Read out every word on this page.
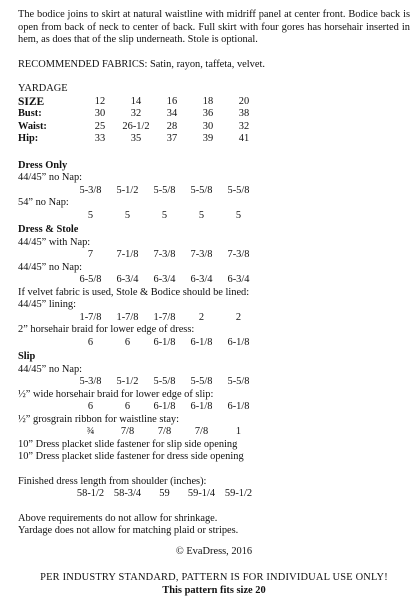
The bodice joins to skirt at natural waistline with midriff panel at center front. Bodice back is open from back of neck to center of back. Full skirt with four gores has horsehair inserted in hem, as does that of the slip underneath. Stole is optional.

RECOMMENDED FABRICS: Satin, rayon, taffeta, velvet.

YARDAGE

SIZE	12	14	16	18	20
Bust:	30	32	34	36	38
Waist:	25	26-1/2	28	30	32
Hip:	33	35	37	39	41

Dress Only

44/45” no Nap:

5-3/8	5-1/2	5-5/8	5-5/8	5-5/8

54” no Nap:

5	5	5	5	5

Dress & Stole

44/45” with Nap:

7	7-1/8	7-3/8	7-3/8	7-3/8

44/45” no Nap:

6-5/8	6-3/4	6-3/4	6-3/4	6-3/4

If velvet fabric is used, Stole & Bodice should be lined:

44/45” lining:

1-7/8	1-7/8	1-7/8	2	2

2” horsehair braid for lower edge of dress:

6	6	6-1/8	6-1/8	6-1/8

Slip

44/45” no Nap:

5-3/8	5-1/2	5-5/8	5-5/8	5-5/8

½” wide horsehair braid for lower edge of slip:

6	6	6-1/8	6-1/8	6-1/8

½” grosgrain ribbon for waistline stay:

¾	7/8	7/8	7/8	1

10” Dress placket slide fastener for slip side opening

10” Dress placket slide fastener for dress side opening

Finished dress length from shoulder (inches):

58-1/2 58-3/4	59	59-1/4 59-1/2

Above requirements do not allow for shrinkage.

Yardage does not allow for matching plaid or stripes.

© EvaDress, 2016

PER INDUSTRY STANDARD, PATTERN IS FOR INDIVIDUAL USE ONLY!

This pattern fits size 20
